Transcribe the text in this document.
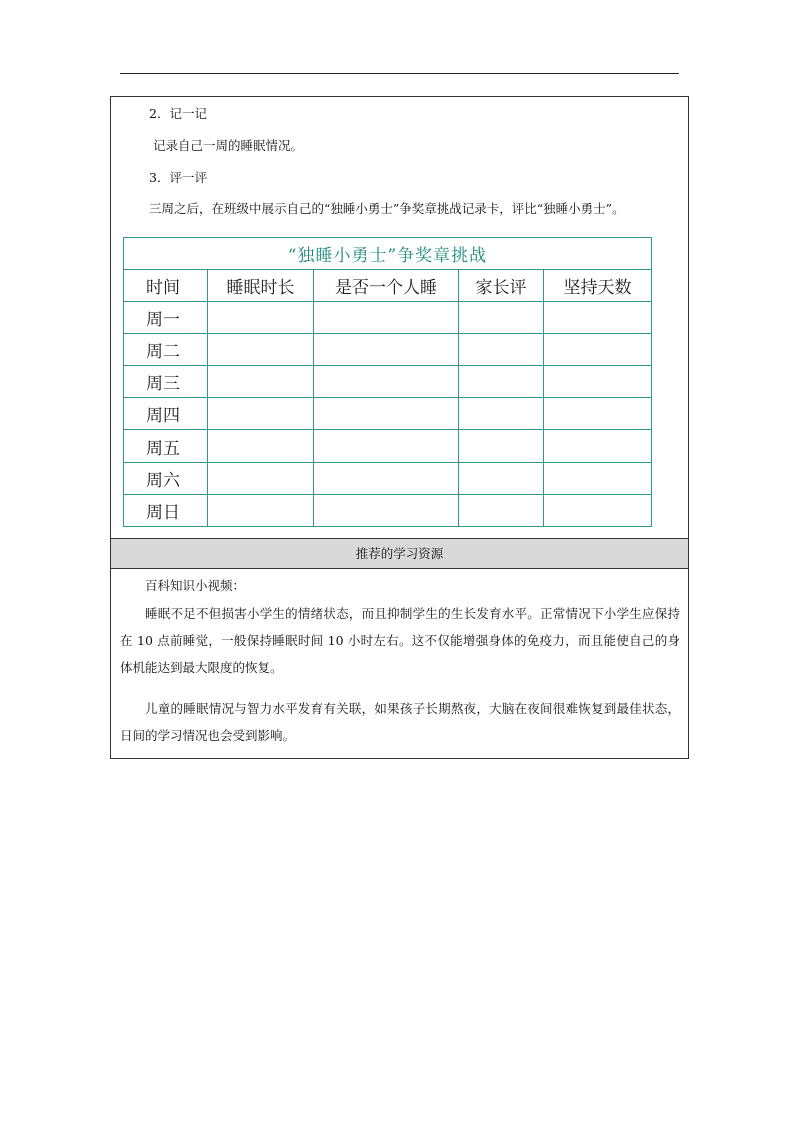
2．记一记
记录自己一周的睡眠情况。
3．评一评
三周之后，在班级中展示自己的“独睡小勇士”争奖章挑战记录卡，评比“独睡小勇士”。
“独睡小勇士”争奖章挑战				
时间	睡眠时长	是否一个人睡	家长评	坚持天数
周一				
周二				
周三				
周四				
周五				
周六				
周日				
推荐的学习资源
百科知识小视频：
睡眠不足不但损害小学生的情绪状态，而且抑制学生的生长发育水平。正常情况下小学生应保持在 10 点前睡觉，一般保持睡眠时间 10 小时左右。这不仅能增强身体的免疫力，而且能使自己的身体机能达到最大限度的恢复。
儿童的睡眠情况与智力水平发育有关联，如果孩子长期熬夜，大脑在夜间很难恢复到最佳状态，日间的学习情况也会受到影响。
